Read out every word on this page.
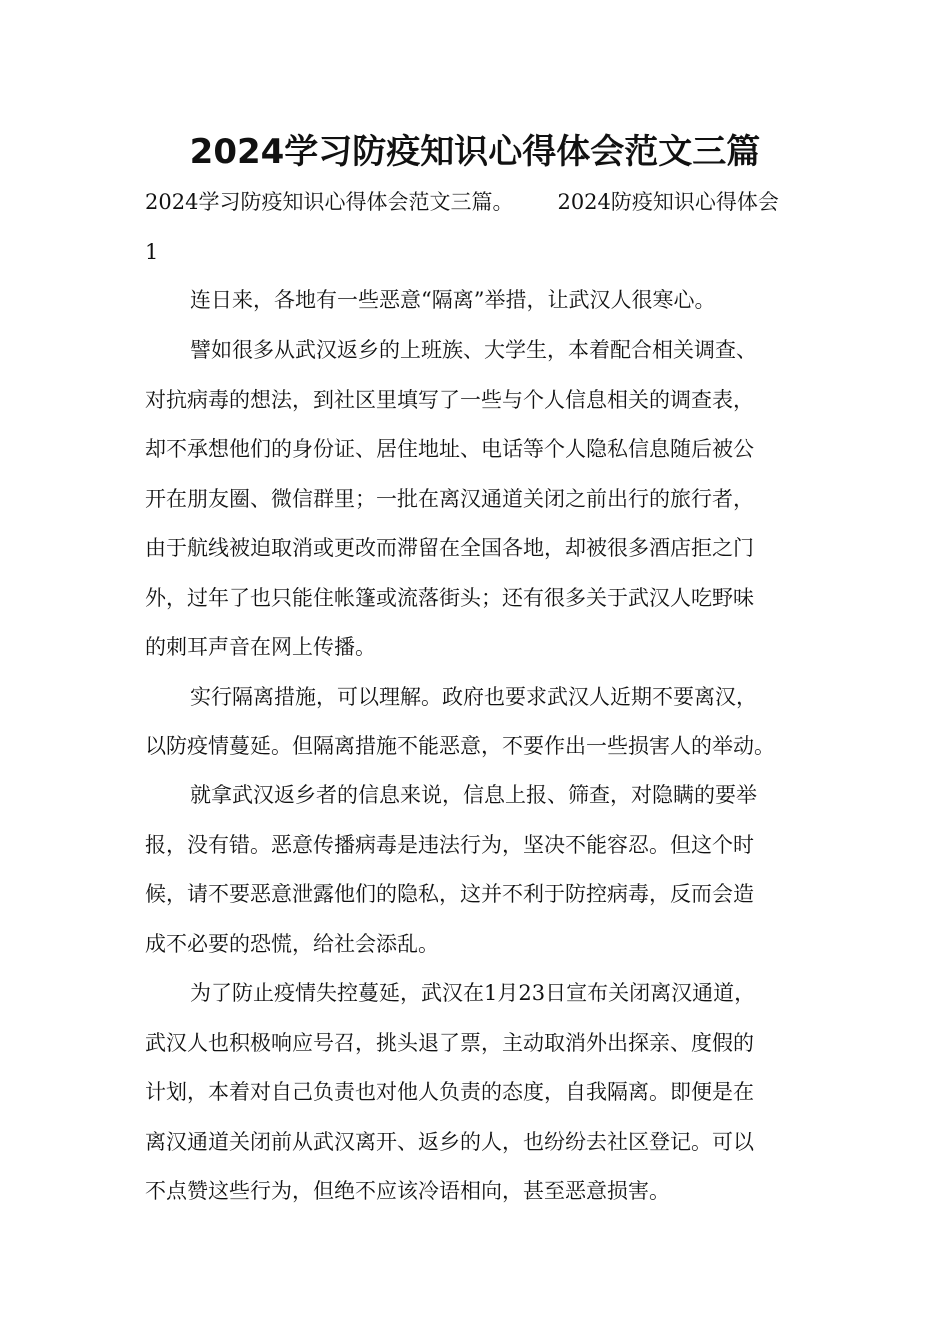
2024学习防疫知识心得体会范文三篇

2024学习防疫知识心得体会范文三篇。 2024防疫知识心得体会

1

连日来，各地有一些恶意“隔离”举措，让武汉人很寒心。

譬如很多从武汉返乡的上班族、大学生，本着配合相关调查、

对抗病毒的想法，到社区里填写了一些与个人信息相关的调查表，

却不承想他们的身份证、居住地址、电话等个人隐私信息随后被公

开在朋友圈、微信群里；一批在离汉通道关闭之前出行的旅行者，

由于航线被迫取消或更改而滞留在全国各地，却被很多酒店拒之门

外，过年了也只能住帐篷或流落街头；还有很多关于武汉人吃野味

的刺耳声音在网上传播。

实行隔离措施，可以理解。政府也要求武汉人近期不要离汉，

以防疫情蔓延。但隔离措施不能恶意，不要作出一些损害人的举动。

就拿武汉返乡者的信息来说，信息上报、筛查，对隐瞒的要举

报，没有错。恶意传播病毒是违法行为，坚决不能容忍。但这个时

候，请不要恶意泄露他们的隐私，这并不利于防控病毒，反而会造

成不必要的恐慌，给社会添乱。

为了防止疫情失控蔓延，武汉在1月23日宣布关闭离汉通道，

武汉人也积极响应号召，挑头退了票，主动取消外出探亲、度假的

计划，本着对自己负责也对他人负责的态度，自我隔离。即便是在

离汉通道关闭前从武汉离开、返乡的人，也纷纷去社区登记。可以

不点赞这些行为，但绝不应该冷语相向，甚至恶意损害。
